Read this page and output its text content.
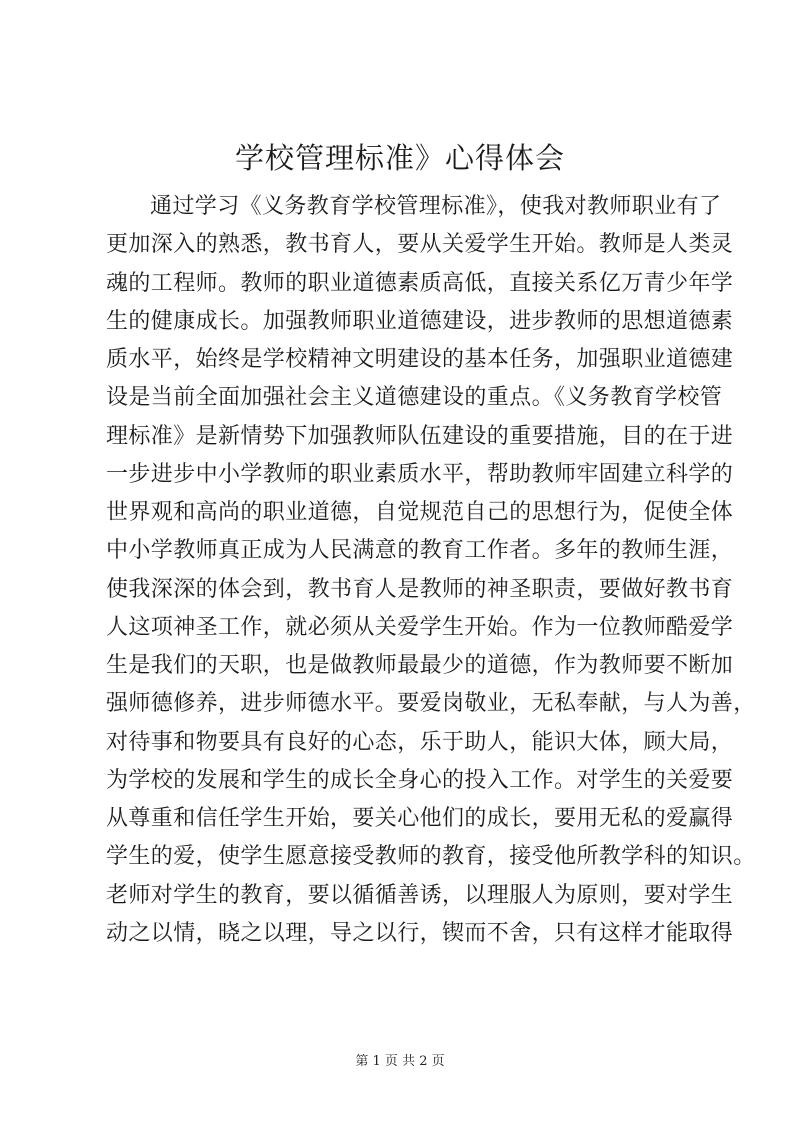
学校管理标准》心得体会
通过学习《义务教育学校管理标准》，使我对教师职业有了
更加深入的熟悉，教书育人，要从关爱学生开始。教师是人类灵
魂的工程师。教师的职业道德素质高低，直接关系亿万青少年学
生的健康成长。加强教师职业道德建设，进步教师的思想道德素
质水平，始终是学校精神文明建设的基本任务，加强职业道德建
设是当前全面加强社会主义道德建设的重点。《义务教育学校管
理标准》是新情势下加强教师队伍建设的重要措施，目的在于进
一步进步中小学教师的职业素质水平，帮助教师牢固建立科学的
世界观和高尚的职业道德，自觉规范自己的思想行为，促使全体
中小学教师真正成为人民满意的教育工作者。多年的教师生涯，
使我深深的体会到，教书育人是教师的神圣职责，要做好教书育
人这项神圣工作，就必须从关爱学生开始。作为一位教师酷爱学
生是我们的天职，也是做教师最最少的道德，作为教师要不断加
强师德修养，进步师德水平。要爱岗敬业，无私奉献，与人为善，
对待事和物要具有良好的心态，乐于助人，能识大体，顾大局，
为学校的发展和学生的成长全身心的投入工作。对学生的关爱要
从尊重和信任学生开始，要关心他们的成长，要用无私的爱赢得
学生的爱，使学生愿意接受教师的教育，接受他所教学科的知识。
老师对学生的教育，要以循循善诱，以理服人为原则，要对学生
动之以情，晓之以理，导之以行，锲而不舍，只有这样才能取得
第 1 页 共 2 页
